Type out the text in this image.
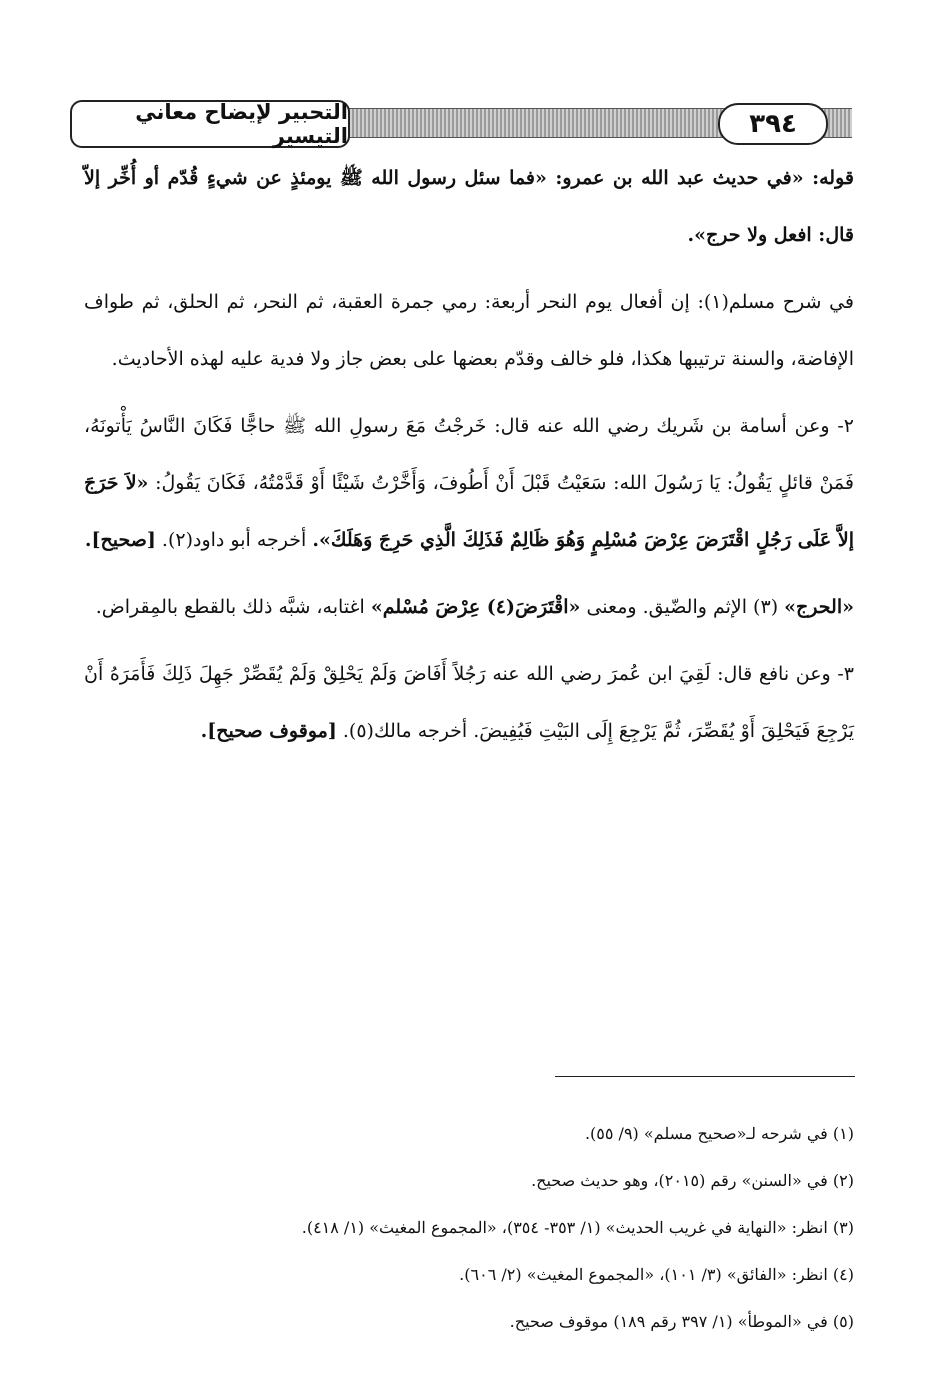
التحبير لإيضاح معاني التيسير	٣٩٤

قوله: «في حديث عبد الله بن عمرو: «فما سئل رسول الله ﷺ يومئذٍ عن شيءٍ قُدّم أو أُخِّر إلاّ قال: افعل ولا حرج».

في شرح مسلم(١): إن أفعال يوم النحر أربعة: رمي جمرة العقبة، ثم النحر، ثم الحلق، ثم طواف الإفاضة، والسنة ترتيبها هكذا، فلو خالف وقدّم بعضها على بعض جاز ولا فدية عليه لهذه الأحاديث.

٢- وعن أسامة بن شَريك رضي الله عنه قال: خَرجْتُ مَعَ رسولِ الله ﷺ حاجًّا فَكَانَ النَّاسُ يَأْتونَهُ، فَمَنْ قائلٍ يَقُولُ: يَا رَسُولَ الله: سَعَيْتُ قَبْلَ أَنْ أَطُوفَ، وَأَخَّرْتُ شَيْئًا أَوْ قَدَّمْتُهُ، فَكَانَ يَقُولُ: «لاَ حَرَجَ إلاَّ عَلَى رَجُلٍ اقْتَرَضَ عِرْضَ مُسْلِمٍ وَهُوَ ظَالِمٌ فَذَلِكَ الَّذِي حَرِجَ وَهَلَكَ». أخرجه أبو داود(٢). [صحيح].

«الحرج» (٣) الإثم والضّيق. ومعنى «اقْتَرَضَ(٤) عِرْضَ مُسْلم» اغتابه، شبَّه ذلك بالقطع بالمِقراض.

٣- وعن نافع قال: لَقِيَ ابن عُمرَ رضي الله عنه رَجُلاً أَفَاضَ وَلَمْ يَحْلِقْ وَلَمْ يُقَصِّرْ جَهِلَ ذَلِكَ فَأَمَرَهُ أَنْ يَرْجِعَ فَيَحْلِقَ أَوْ يُقَصِّرَ، ثُمَّ يَرْجِعَ إِلَى البَيْتِ فَيُفِيضَ. أخرجه مالك(٥). [موقوف صحيح].

(١) في شرحه لـ«صحيح مسلم» (٩/ ٥٥).
(٢) في «السنن» رقم (٢٠١٥)، وهو حديث صحيح.
(٣) انظر: «النهاية في غريب الحديث» (١/ ٣٥٣- ٣٥٤)، «المجموع المغيث» (١/ ٤١٨).
(٤) انظر: «الفائق» (٣/ ١٠١)، «المجموع المغيث» (٢/ ٦٠٦).
(٥) في «الموطأ» (١/ ٣٩٧ رقم ١٨٩) موقوف صحيح.
